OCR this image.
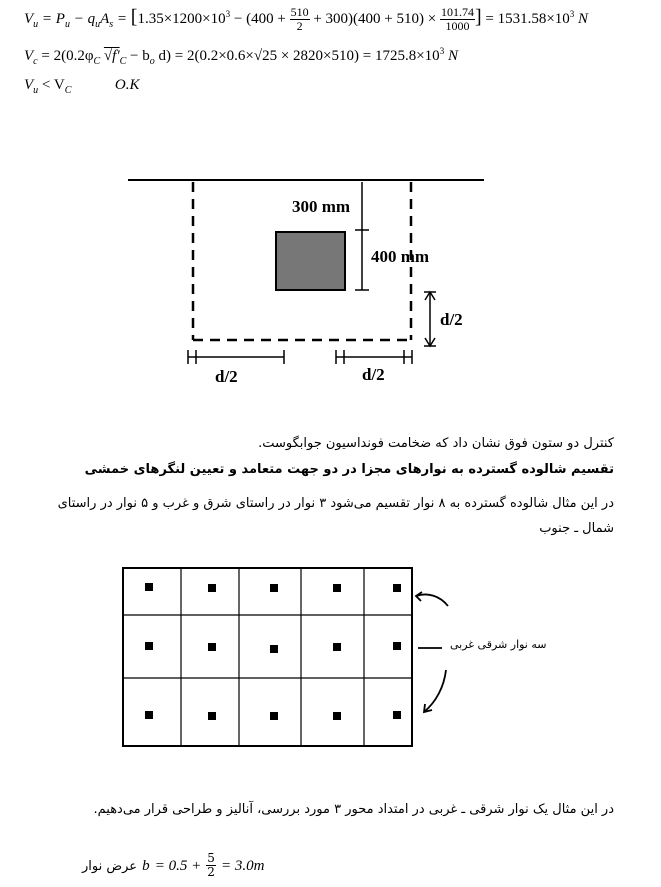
$V_u = P_u - q_uA_s = [1.35\times 1200\times 10^3 - (400 + \frac{510}{2} + 300)(400 + 510) \times \frac{101.74}{1000}$ ] = $1531.58\times 10^3$ N
$V_c = 2(0.2\varphi_C$ $√f'_C - b_o$ $d) = 2(0.2\times 0.6\times√25 \times 2820\times 510) = 1725.8\times 10^3$ N
$V_u < V_C$	O.K
300 mm
400 mm
d/2
d/2	d/2
کنترل دو ستون فوق نشان داد که ضخامت فونداسیون جوابگوست.
تقسیم شالوده گسترده به نوارهای مجزا در دو جهت متعامد و تعیین لنگرهای خمشی
در این مثال شالوده گسترده به ۸ نوار تقسیم می‌شود ۳ نوار در راستای شرق و غرب و ۵ نوار در راستای شمال ـ جنوب
سه نوار شرقی غربی
در این مثال یک نوار شرقی ـ غربی در امتداد محور ۳ مورد بررسی، آنالیز و طراحی قرار می‌دهیم.
عرض نوار $b = 0.5 + \frac{5}{2} = 3.0m$
